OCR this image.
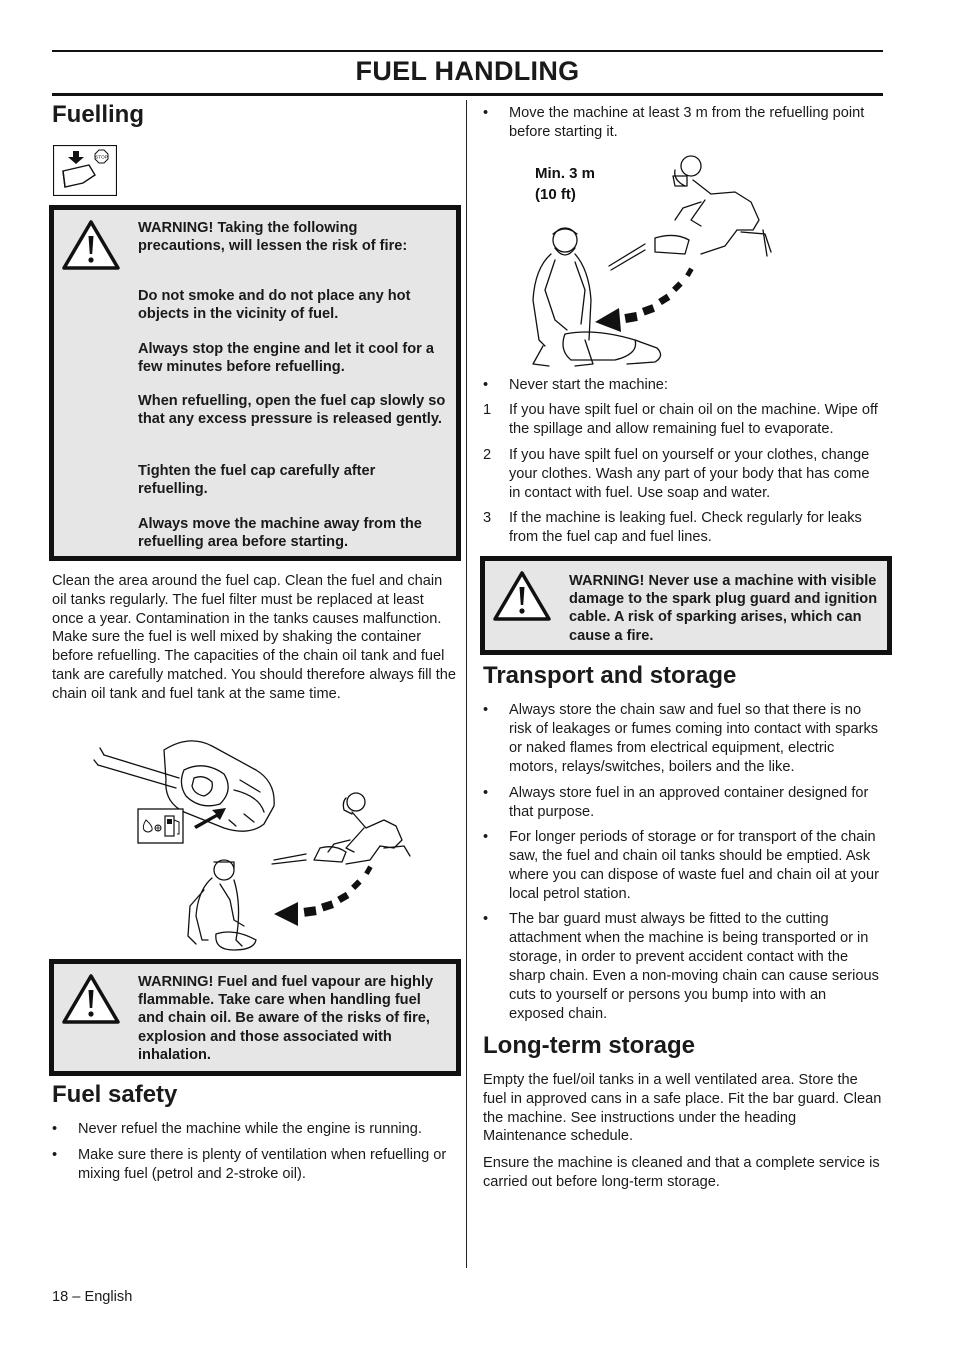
FUEL HANDLING
Fuelling
STOP
WARNING! Taking the following precautions, will lessen the risk of fire:
Do not smoke and do not place any hot objects in the vicinity of fuel.
Always stop the engine and let it cool for a few minutes before refuelling.
When refuelling, open the fuel cap slowly so that any excess pressure is released gently.
Tighten the fuel cap carefully after refuelling.
Always move the machine away from the refuelling area before starting.

Clean the area around the fuel cap. Clean the fuel and chain oil tanks regularly. The fuel filter must be replaced at least once a year. Contamination in the tanks causes malfunction. Make sure the fuel is well mixed by shaking the container before refuelling. The capacities of the chain oil tank and fuel tank are carefully matched. You should therefore always fill the chain oil tank and fuel tank at the same time.

WARNING! Fuel and fuel vapour are highly flammable. Take care when handling fuel and chain oil. Be aware of the risks of fire, explosion and those associated with inhalation.
Fuel safety
•	Never refuel the machine while the engine is running.
•	Make sure there is plenty of ventilation when refuelling or mixing fuel (petrol and 2-stroke oil).
•	Move the machine at least 3 m from the refuelling point before starting it.
Min. 3 m
(10 ft)
•	Never start the machine:
1	If you have spilt fuel or chain oil on the machine. Wipe off the spillage and allow remaining fuel to evaporate.
2	If you have spilt fuel on yourself or your clothes, change your clothes. Wash any part of your body that has come in contact with fuel. Use soap and water.
3	If the machine is leaking fuel. Check regularly for leaks from the fuel cap and fuel lines.
WARNING! Never use a machine with visible damage to the spark plug guard and ignition cable. A risk of sparking arises, which can cause a fire.
Transport and storage
•	Always store the chain saw and fuel so that there is no risk of leakages or fumes coming into contact with sparks or naked flames from electrical equipment, electric motors, relays/switches, boilers and the like.
•	Always store fuel in an approved container designed for that purpose.
•	For longer periods of storage or for transport of the chain saw, the fuel and chain oil tanks should be emptied. Ask where you can dispose of waste fuel and chain oil at your local petrol station.
•	The bar guard must always be fitted to the cutting attachment when the machine is being transported or in storage, in order to prevent accident contact with the sharp chain. Even a non-moving chain can cause serious cuts to yourself or persons you bump into with an exposed chain.
Long-term storage

Empty the fuel/oil tanks in a well ventilated area. Store the fuel in approved cans in a safe place. Fit the bar guard. Clean the machine. See instructions under the heading Maintenance schedule.

Ensure the machine is cleaned and that a complete service is carried out before long-term storage.

18 – English
